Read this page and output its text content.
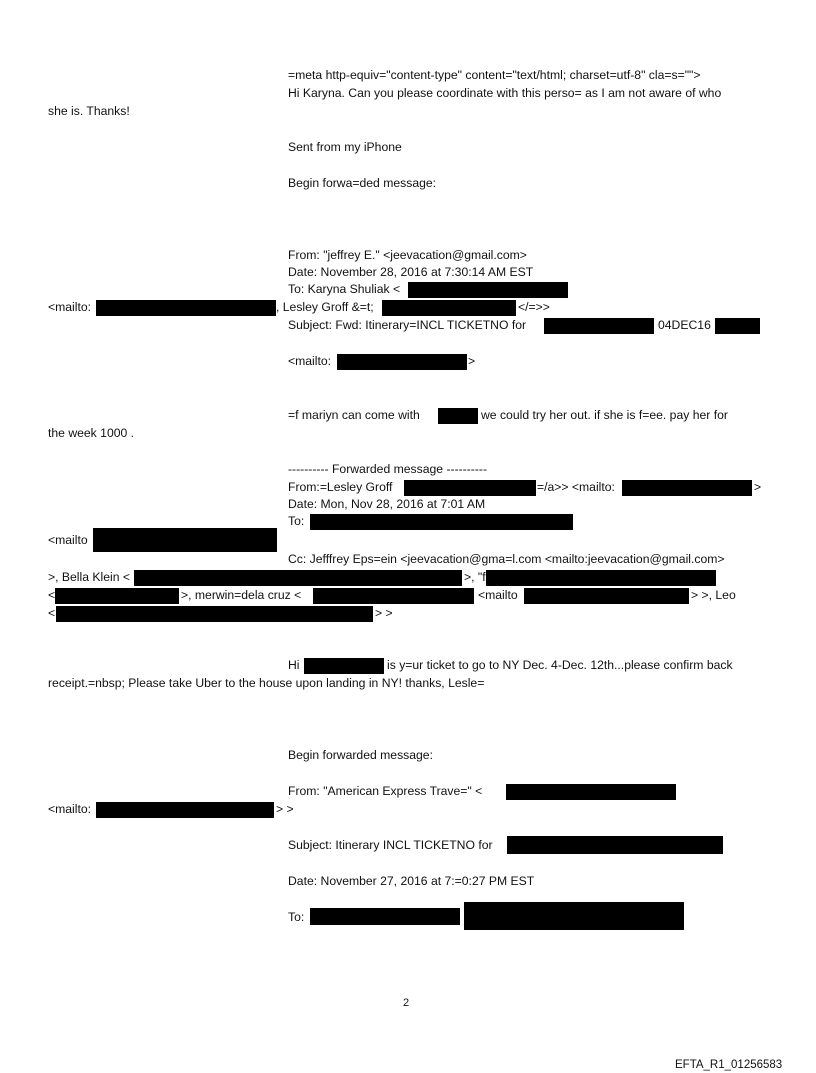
=meta http-equiv="content-type" content="text/html; charset=utf-8" cla=s="">
Hi Karyna. Can you please coordinate with this perso= as I am not aware of who
she is. Thanks!
Sent from my iPhone
Begin forwa=ded message:
From: "jeffrey E." <jeevacation@gmail.com>
Date: November 28, 2016 at 7:30:14 AM EST
To: Karyna Shuliak <
<mailto:	, Lesley Groff &=t;	</=>>
Subject: Fwd: Itinerary=INCL TICKETNO for	04DEC16
<mailto:	>
=f mariyn can come with	we could try her out. if she is f=ee. pay her for
the week 1000 .
---------- Forwarded message ----------
From:=Lesley Groff	=/a>> <mailto:	>
Date: Mon, Nov 28, 2016 at 7:01 AM
To:
<mailto
Cc: Jefffrey Eps=ein <jeevacation@gma=l.com <mailto:jeevacation@gmail.com>
>, Bella Klein <	>, "f
<	>, merwin=dela cruz <	<mailto	> >, Leo
<	> >
Hi	is y=ur ticket to go to NY Dec. 4-Dec. 12th...please confirm back
receipt.=nbsp; Please take Uber to the house upon landing in NY! thanks, Lesle=
Begin forwarded message:
From: "American Express Trave=" <
<mailto:	> >
Subject: Itinerary INCL TICKETNO for
Date: November 27, 2016 at 7:=0:27 PM EST
To:
2
EFTA_R1_01256583
